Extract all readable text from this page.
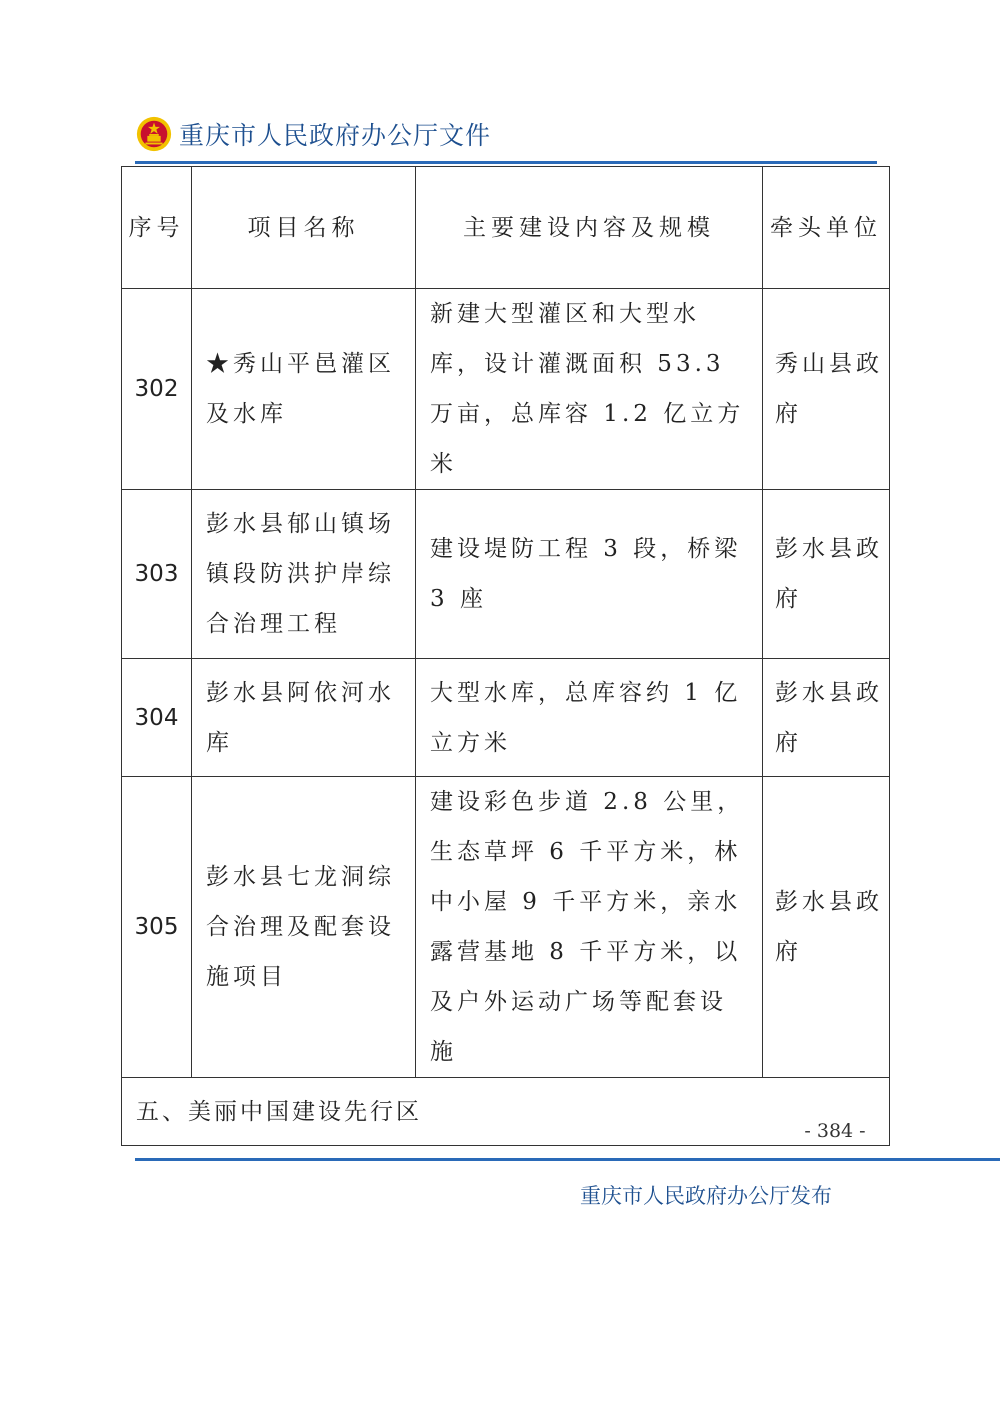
重庆市人民政府办公厅文件
序号	项目名称	主要建设内容及规模	牵头单位
302	★秀山平邑灌区及水库	新建大型灌区和大型水库，设计灌溉面积 53.3 万亩，总库容 1.2 亿立方米	秀山县政府
303	彭水县郁山镇场镇段防洪护岸综合治理工程	建设堤防工程 3 段，桥梁 3 座	彭水县政府
304	彭水县阿依河水库	大型水库，总库容约 1 亿立方米	彭水县政府
305	彭水县七龙洞综合治理及配套设施项目	建设彩色步道 2.8 公里，生态草坪 6 千平方米，林中小屋 9 千平方米，亲水露营基地 8 千平方米，以及户外运动广场等配套设施	彭水县政府
五、美丽中国建设先行区			
- 384 -
重庆市人民政府办公厅发布
